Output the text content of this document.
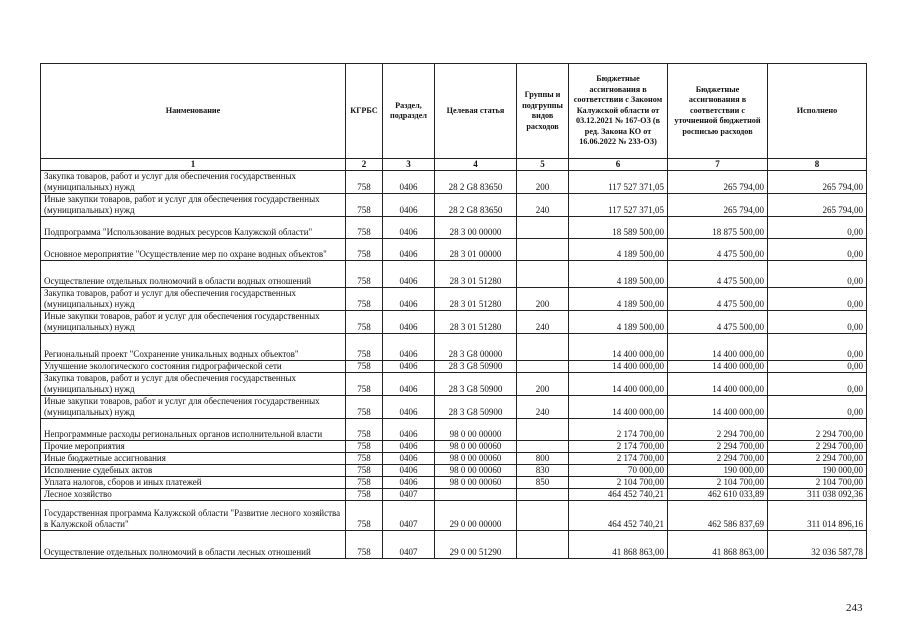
Наименование	КГРБС	Раздел, подраздел	Целевая статья	Группы и подгруппы видов расходов	Бюджетные ассигнования в соответствии с Законом Калужской области от 03.12.2021 № 167-ОЗ (в ред. Закона КО от 16.06.2022 № 233-ОЗ)	Бюджетные ассигнования в соответствии с уточненной бюджетной росписью расходов	Исполнено
1	2	3	4	5	6	7	8
Закупка товаров, работ и услуг для обеспечения государственных (муниципальных) нужд	758	0406	28 2 G8 83650	200	117 527 371,05	265 794,00	265 794,00
Иные закупки товаров, работ и услуг для обеспечения государственных (муниципальных) нужд	758	0406	28 2 G8 83650	240	117 527 371,05	265 794,00	265 794,00
Подпрограмма "Использование водных ресурсов Калужской области"	758	0406	28 3 00 00000		18 589 500,00	18 875 500,00	0,00
Основное мероприятие "Осуществление мер по охране водных объектов"	758	0406	28 3 01 00000		4 189 500,00	4 475 500,00	0,00
Осуществление отдельных полномочий в области водных отношений	758	0406	28 3 01 51280		4 189 500,00	4 475 500,00	0,00
Закупка товаров, работ и услуг для обеспечения государственных (муниципальных) нужд	758	0406	28 3 01 51280	200	4 189 500,00	4 475 500,00	0,00
Иные закупки товаров, работ и услуг для обеспечения государственных (муниципальных) нужд	758	0406	28 3 01 51280	240	4 189 500,00	4 475 500,00	0,00
Региональный проект "Сохранение уникальных водных объектов"	758	0406	28 3 G8 00000		14 400 000,00	14 400 000,00	0,00
Улучшение экологического состояния гидрографической сети	758	0406	28 3 G8 50900		14 400 000,00	14 400 000,00	0,00
Закупка товаров, работ и услуг для обеспечения государственных (муниципальных) нужд	758	0406	28 3 G8 50900	200	14 400 000,00	14 400 000,00	0,00
Иные закупки товаров, работ и услуг для обеспечения государственных (муниципальных) нужд	758	0406	28 3 G8 50900	240	14 400 000,00	14 400 000,00	0,00
Непрограммные расходы региональных органов исполнительной власти	758	0406	98 0 00 00000		2 174 700,00	2 294 700,00	2 294 700,00
Прочие мероприятия	758	0406	98 0 00 00060		2 174 700,00	2 294 700,00	2 294 700,00
Иные бюджетные ассигнования	758	0406	98 0 00 00060	800	2 174 700,00	2 294 700,00	2 294 700,00
Исполнение судебных актов	758	0406	98 0 00 00060	830	70 000,00	190 000,00	190 000,00
Уплата налогов, сборов и иных платежей	758	0406	98 0 00 00060	850	2 104 700,00	2 104 700,00	2 104 700,00
Лесное хозяйство	758	0407			464 452 740,21	462 610 033,89	311 038 092,36
Государственная программа Калужской области "Развитие лесного хозяйства в Калужской области"	758	0407	29 0 00 00000		464 452 740,21	462 586 837,69	311 014 896,16
Осуществление отдельных полномочий в области лесных отношений	758	0407	29 0 00 51290		41 868 863,00	41 868 863,00	32 036 587,78
243
